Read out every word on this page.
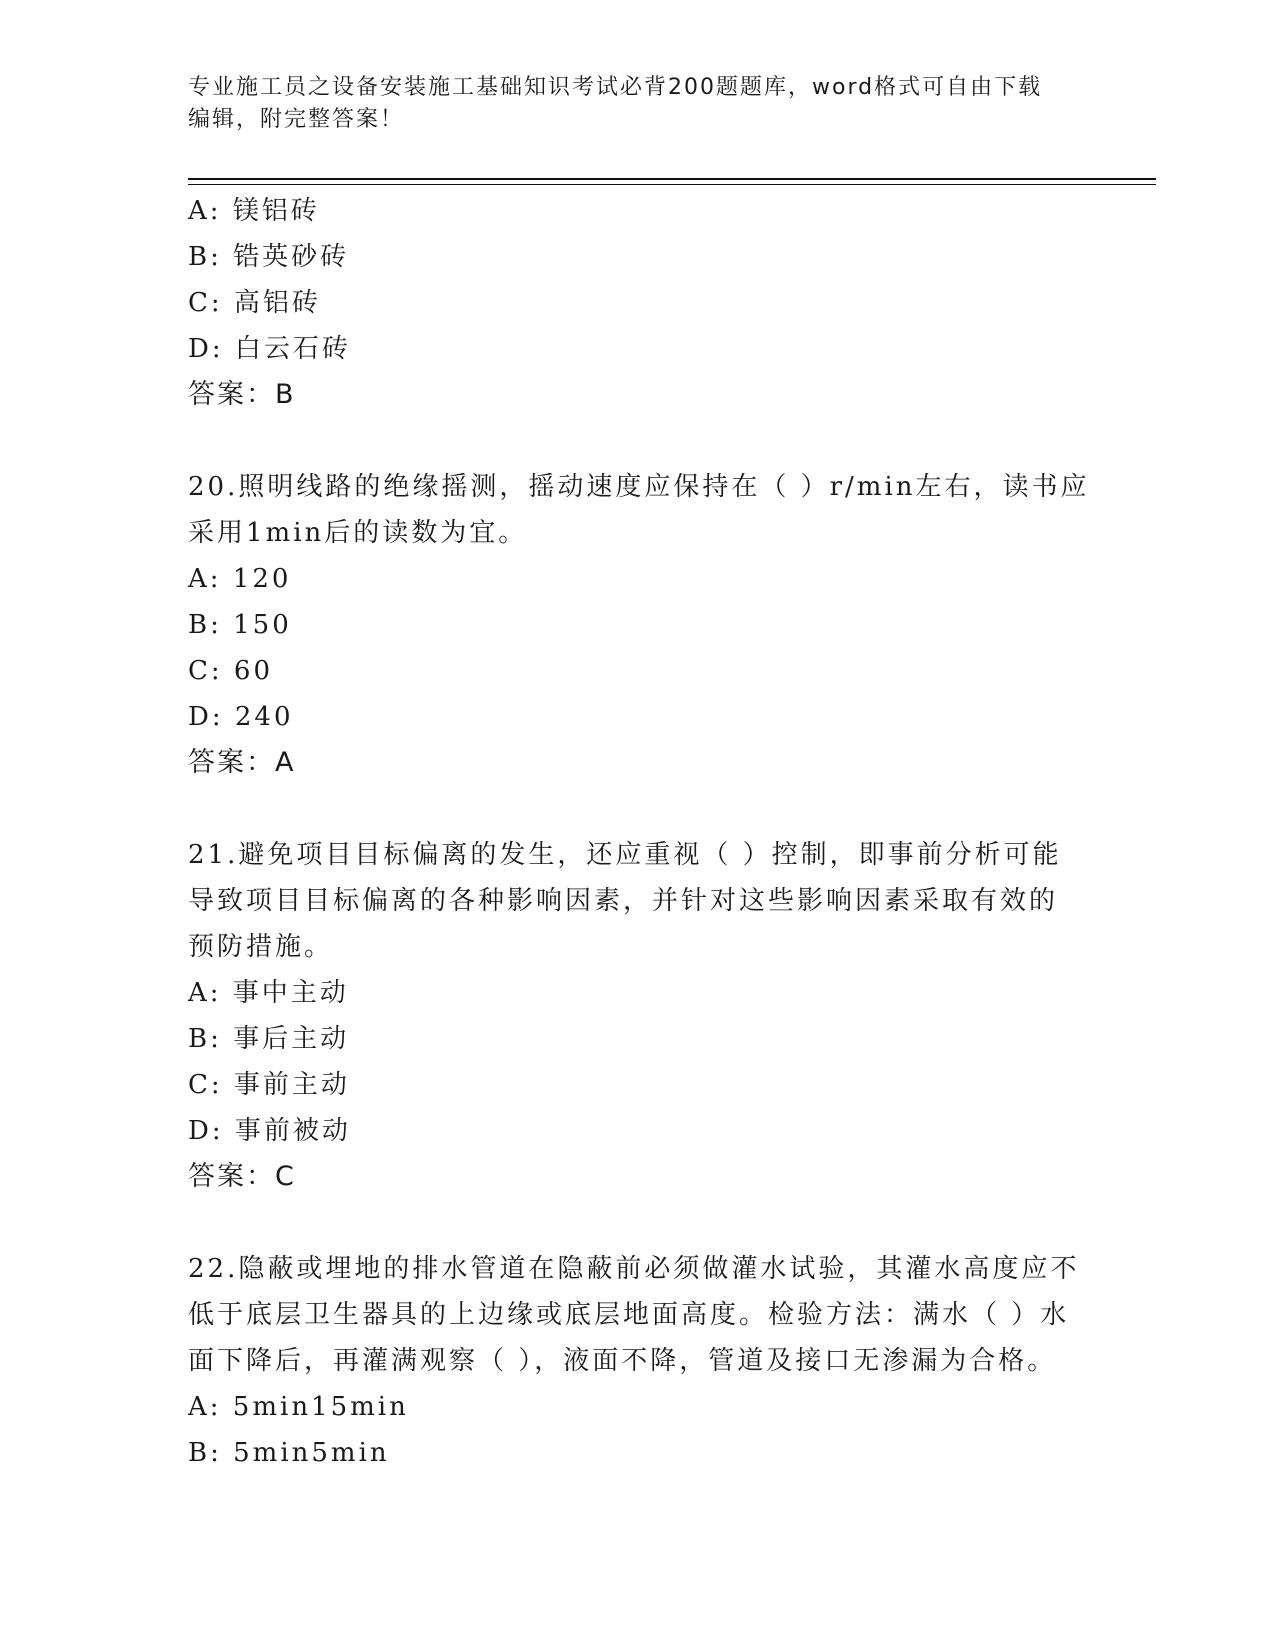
专业施工员之设备安装施工基础知识考试必背200题题库，word格式可自由下载
编辑，附完整答案！
A: 镁铝砖
B: 锆英砂砖
C: 高铝砖
D: 白云石砖
答案：B
20.照明线路的绝缘摇测，摇动速度应保持在（ ）r/min左右，读书应
采用1min后的读数为宜。
A: 120
B: 150
C: 60
D: 240
答案：A
21.避免项目目标偏离的发生，还应重视（ ）控制，即事前分析可能
导致项目目标偏离的各种影响因素，并针对这些影响因素采取有效的
预防措施。
A: 事中主动
B: 事后主动
C: 事前主动
D: 事前被动
答案：C
22.隐蔽或埋地的排水管道在隐蔽前必须做灌水试验，其灌水高度应不
低于底层卫生器具的上边缘或底层地面高度。检验方法：满水（ ）水
面下降后，再灌满观察（ ），液面不降，管道及接口无渗漏为合格。
A: 5min15min
B: 5min5min
